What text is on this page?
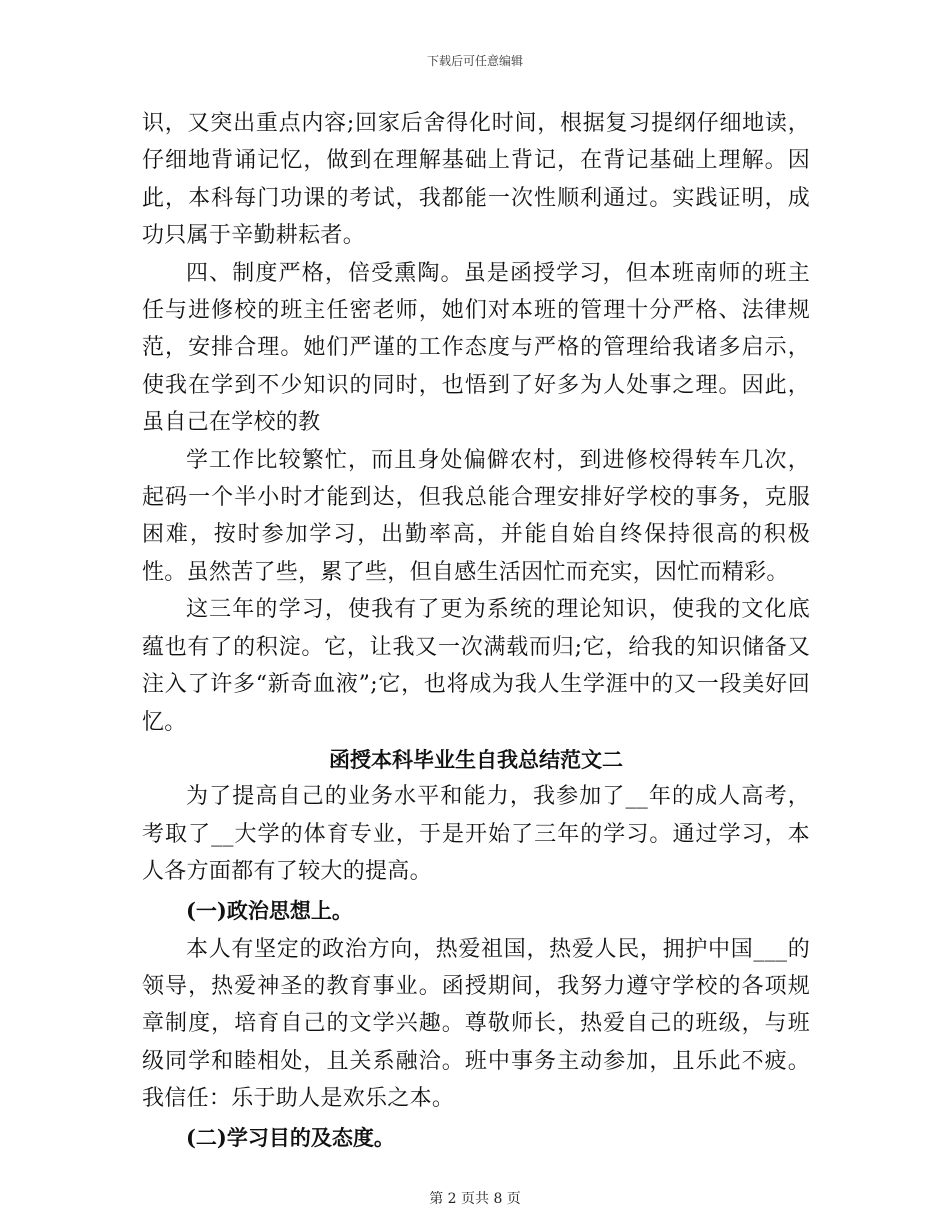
下载后可任意编辑

识，又突出重点内容;回家后舍得化时间，根据复习提纲仔细地读，仔细地背诵记忆，做到在理解基础上背记，在背记基础上理解。因此，本科每门功课的考试，我都能一次性顺利通过。实践证明，成功只属于辛勤耕耘者。

四、制度严格，倍受熏陶。虽是函授学习，但本班南师的班主任与进修校的班主任密老师，她们对本班的管理十分严格、法律规范，安排合理。她们严谨的工作态度与严格的管理给我诸多启示，使我在学到不少知识的同时，也悟到了好多为人处事之理。因此，虽自己在学校的教

学工作比较繁忙，而且身处偏僻农村，到进修校得转车几次，起码一个半小时才能到达，但我总能合理安排好学校的事务，克服困难，按时参加学习，出勤率高，并能自始自终保持很高的积极性。虽然苦了些，累了些，但自感生活因忙而充实，因忙而精彩。

这三年的学习，使我有了更为系统的理论知识，使我的文化底蕴也有了的积淀。它，让我又一次满载而归;它，给我的知识储备又注入了许多“新奇血液”;它，也将成为我人生学涯中的又一段美好回忆。

函授本科毕业生自我总结范文二

为了提高自己的业务水平和能力，我参加了__年的成人高考，考取了__大学的体育专业，于是开始了三年的学习。通过学习，本人各方面都有了较大的提高。

(一)政治思想上。

本人有坚定的政治方向，热爱祖国，热爱人民，拥护中国___的领导，热爱神圣的教育事业。函授期间，我努力遵守学校的各项规章制度，培育自己的文学兴趣。尊敬师长，热爱自己的班级，与班级同学和睦相处，且关系融洽。班中事务主动参加，且乐此不疲。我信任：乐于助人是欢乐之本。

(二)学习目的及态度。
第 2 页共 8 页
